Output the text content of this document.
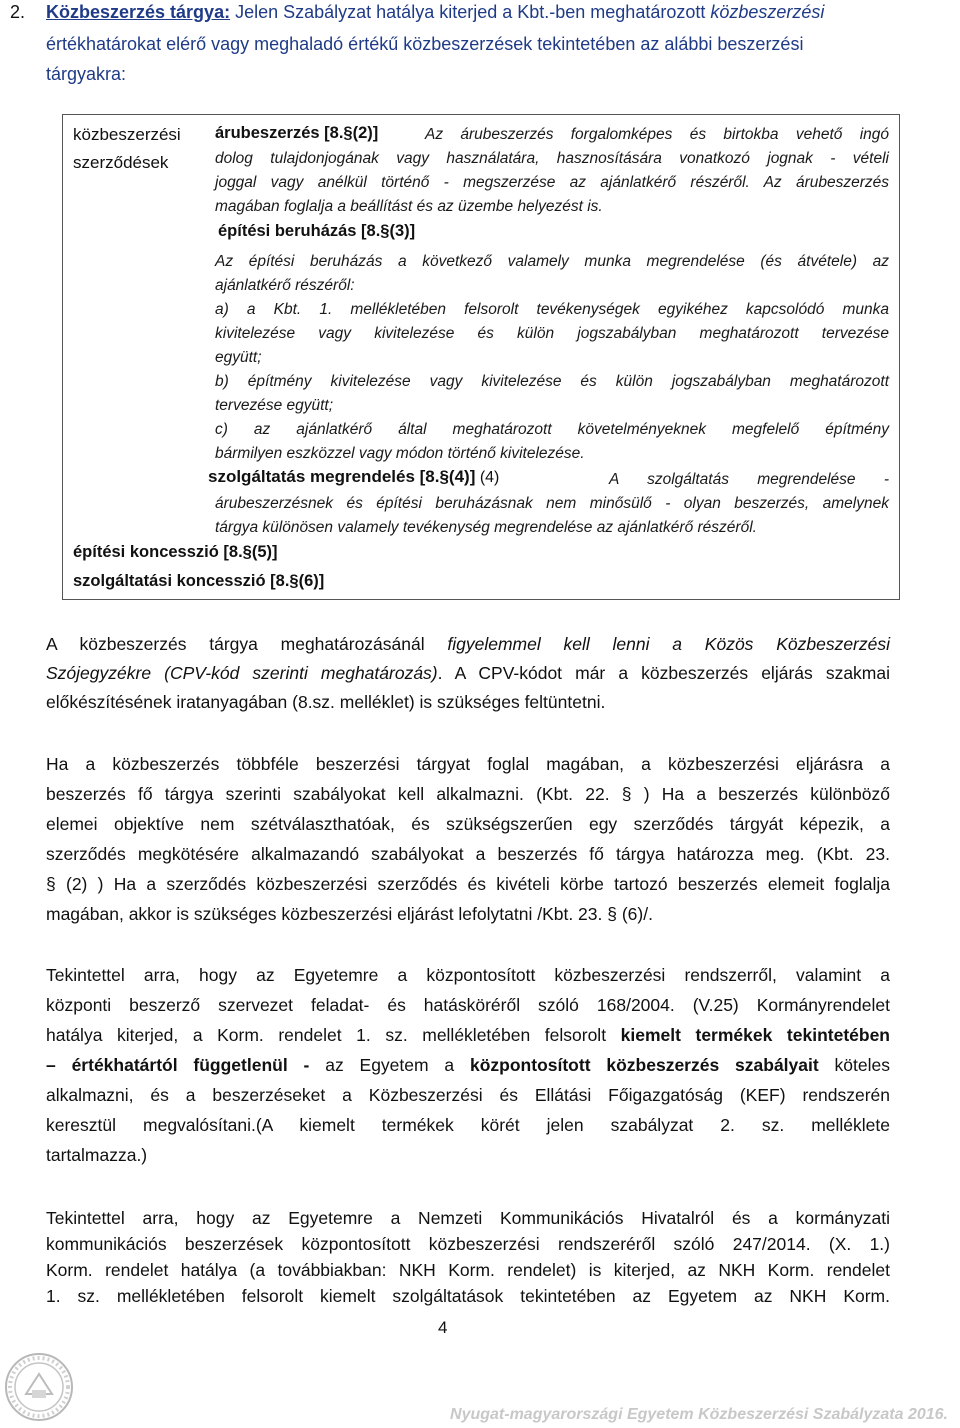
2. Közbeszerzés tárgya: Jelen Szabályzat hatálya kiterjed a Kbt.-ben meghatározott közbeszerzési
értékhatárokat elérő vagy meghaladó értékű közbeszerzések tekintetében az alábbi beszerzési
tárgyakra:
közbeszerzési
szerződések
árubeszerzés [8.§(2)]	Az árubeszerzés forgalomképes és birtokba vehető ingó
dolog tulajdonjogának vagy használatára, hasznosítására vonatkozó jognak - vételi
joggal vagy anélkül történő - megszerzése az ajánlatkérő részéről. Az árubeszerzés
magában foglalja a beállítást és az üzembe helyezést is.
építési beruházás [8.§(3)]
Az építési beruházás a következő valamely munka megrendelése (és átvétele) az
ajánlatkérő részéről:
a) a Kbt. 1. mellékletében felsorolt tevékenységek egyikéhez kapcsolódó munka
kivitelezése vagy kivitelezése és külön jogszabályban meghatározott tervezése
együtt;
b) építmény kivitelezése vagy kivitelezése és külön jogszabályban meghatározott
tervezése együtt;
c) az ajánlatkérő által meghatározott követelményeknek megfelelő építmény
bármilyen eszközzel vagy módon történő kivitelezése.
szolgáltatás megrendelés [8.§(4)] (4)	A szolgáltatás megrendelése -
árubeszerzésnek és építési beruházásnak nem minősülő - olyan beszerzés, amelynek
tárgya különösen valamely tevékenység megrendelése az ajánlatkérő részéről.
építési koncesszió [8.§(5)]
szolgáltatási koncesszió [8.§(6)]
A közbeszerzés tárgya meghatározásánál figyelemmel kell lenni a Közös Közbeszerzési
Szójegyzékre (CPV-kód szerinti meghatározás). A CPV-kódot már a közbeszerzés eljárás szakmai
előkészítésének iratanyagában (8.sz. melléklet) is szükséges feltüntetni.
Ha a közbeszerzés többféle beszerzési tárgyat foglal magában, a közbeszerzési eljárásra a
beszerzés fő tárgya szerinti szabályokat kell alkalmazni. (Kbt. 22. § ) Ha a beszerzés különböző
elemei objektíve nem szétválaszthatóak, és szükségszerűen egy szerződés tárgyát képezik, a
szerződés megkötésére alkalmazandó szabályokat a beszerzés fő tárgya határozza meg. (Kbt. 23.
§ (2) ) Ha a szerződés közbeszerzési szerződés és kivételi körbe tartozó beszerzés elemeit foglalja
magában, akkor is szükséges közbeszerzési eljárást lefolytatni /Kbt. 23. § (6)/.
Tekintettel arra, hogy az Egyetemre a központosított közbeszerzési rendszerről, valamint a
központi beszerző szervezet feladat- és hatásköréről szóló 168/2004. (V.25) Kormányrendelet
hatálya kiterjed, a Korm. rendelet 1. sz. mellékletében felsorolt kiemelt termékek tekintetében
– értékhatártól függetlenül - az Egyetem a központosított közbeszerzés szabályait köteles
alkalmazni, és a beszerzéseket a Közbeszerzési és Ellátási Főigazgatóság (KEF) rendszerén
keresztül megvalósítani.(A kiemelt termékek körét jelen szabályzat 2. sz. melléklete
tartalmazza.)
Tekintettel arra, hogy az Egyetemre a Nemzeti Kommunikációs Hivatalról és a kormányzati
kommunikációs beszerzések központosított közbeszerzési rendszeréről szóló 247/2014. (X. 1.)
Korm. rendelet hatálya (a továbbiakban: NKH Korm. rendelet) is kiterjed, az NKH Korm. rendelet
1. sz. mellékletében felsorolt kiemelt szolgáltatások tekintetében az Egyetem az NKH Korm.
4
Nyugat-magyarországi Egyetem Közbeszerzési Szabályzata 2016.
